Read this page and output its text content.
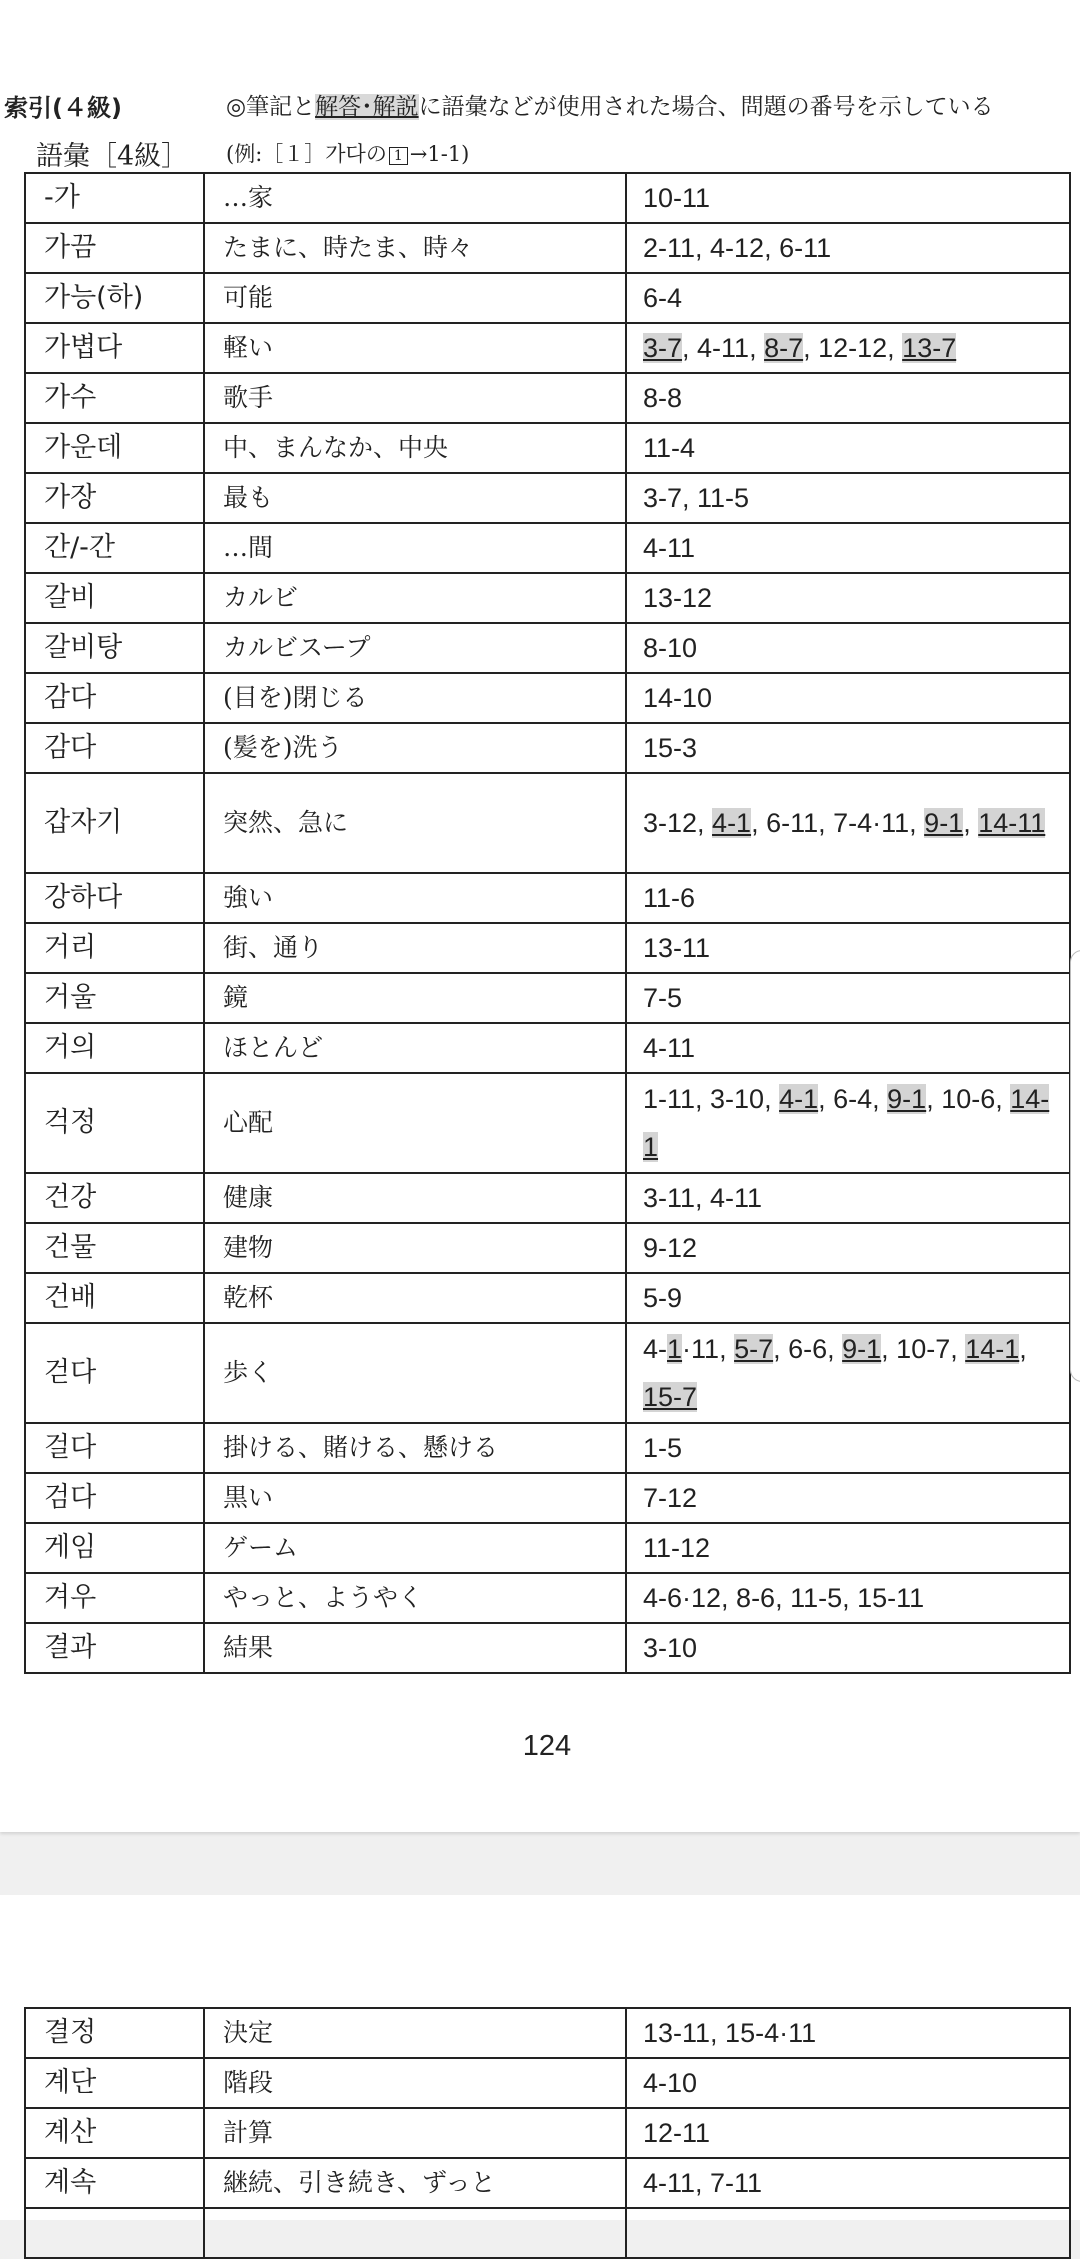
索引(４級)	◎筆記と解答･解説に語彙などが使用された場合、問題の番号を示している
語彙［4級］ (例:［１］가다の 1 →1-1)
-가	…家	10-11
가끔	たまに、時たま、時々	2-11, 4-12, 6-11
가능(하)	可能	6-4
가볍다	軽い	3-7, 4-11, 8-7, 12-12, 13-7
가수	歌手	8-8
가운데	中、まんなか、中央	11-4
가장	最も	3-7, 11-5
간/-간	…間	4-11
갈비	カルビ	13-12
갈비탕	カルビスープ	8-10
감다	(目を)閉じる	14-10
감다	(髪を)洗う	15-3
갑자기	突然、急に	3-12, 4-1, 6-11, 7-4·11, 9-1, 14-11
강하다	強い	11-6
거리	街、通り	13-11
거울	鏡	7-5
거의	ほとんど	4-11
걱정	心配	1-11, 3-10, 4-1, 6-4, 9-1, 10-6, 14-1
건강	健康	3-11, 4-11
건물	建物	9-12
건배	乾杯	5-9
걷다	歩く	4-1·11, 5-7, 6-6, 9-1, 10-7, 14-1, 15-7
걸다	掛ける、賭ける、懸ける	1-5
검다	黒い	7-12
게임	ゲーム	11-12
겨우	やっと、ようやく	4-6·12, 8-6, 11-5, 15-11
결과	結果	3-10
124
결정	決定	13-11, 15-4·11
계단	階段	4-10
계산	計算	12-11
계속	継続、引き続き、ずっと	4-11, 7-11
